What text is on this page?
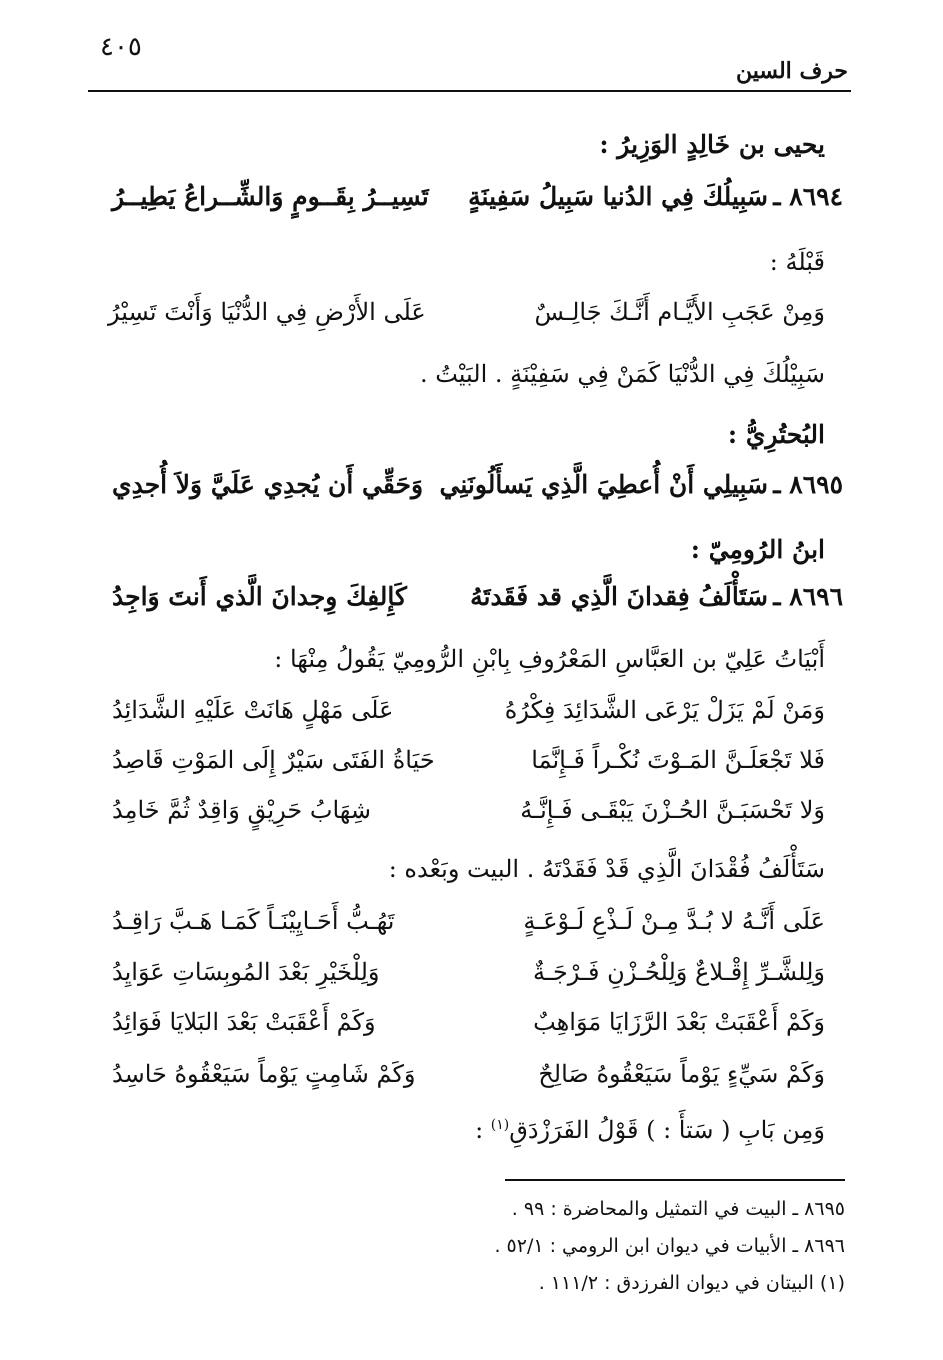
٤٠٥
حرف السين
يحيى بن خَالِدٍ الوَزِيرُ :
٨٦٩٤ ـ
سَبِيلُكَ فِي الدُنيا سَبِيلُ سَفِينَةٍ
تَسِيــرُ بِقَــومٍ وَالشِّــراعُ يَطِيــرُ
قَبْلَهُ :
وَمِنْ عَجَبِ الأَيَّـام أَنَّـكَ جَالِـسٌ
عَلَى الأَرْضِ فِي الدُّنْيَا وَأَنْتَ تَسِيْرُ
سَبِيْلُكَ فِي الدُّنْيَا كَمَنْ فِي سَفِيْنَةٍ . البَيْتُ .
البُحتُرِيُّ :
٨٦٩٥ ـ
سَبِيلِي أَنْ أُعطِيَ الَّذِي يَسأَلُونَنِي
وَحَقِّي أَن يُجدِي عَلَيَّ وَلاَ أُجدِي
ابنُ الرُومِيّ :
٨٦٩٦ ـ
سَتَأْلَفُ فِقدانَ الَّذِي قد فَقَدتَهُ
كَإِلفِكَ وِجدانَ الَّذي أَنتَ وَاجِدُ
أَبْيَاتُ عَلِيّ بن العَبَّاسِ المَعْرُوفِ بِابْنِ الرُّومِيّ يَقُولُ مِنْهَا :
وَمَنْ لَمْ يَزَلْ يَرْعَى الشَّدَائِدَ فِكْرُهُ
عَلَى مَهْلٍ هَانَتْ عَلَيْهِ الشَّدَائِدُ
فَلا تَجْعَلَـنَّ المَـوْتَ نُكْـراً فَـإِنَّمَا
حَيَاةُ الفَتَى سَيْرٌ إِلَى المَوْتِ قَاصِدُ
وَلا تَحْسَبَـنَّ الحُـزْنَ يَبْقَـى فَـإِنَّـهُ
شِهَابُ حَرِيْقٍ وَاقِدٌ ثُمَّ خَامِدُ
سَتَأْلَفُ فُقْدَانَ الَّذِي قَدْ فَقَدْتَهُ . البيت وبَعْده :
عَلَى أَنَّـهُ لا بُـدَّ مِـنْ لَـذْعِ لَـوْعَـةٍ
تَهُـبُّ أَحَـايِيْنَـاً كَمَـا هَـبَّ رَاقِـدُ
وَلِلشَّـرِّ إِقْـلاعٌ وَلِلْحُـزْنِ فَـرْجَـةٌ
وَلِلْخَيْرِ بَعْدَ المُوبِسَاتِ عَوَايِدُ
وَكَمْ أَعْقَبَتْ بَعْدَ الرَّزَايَا مَوَاهِبٌ
وَكَمْ أَعْقَبَتْ بَعْدَ البَلايَا فَوَائِدُ
وَكَمْ سَيِّءٍ يَوْماً سَيَعْقُوهُ صَالِحٌ
وَكَمْ شَامِتٍ يَوْماً سَيَعْقُوهُ حَاسِدُ
وَمِن بَابِ ( سَتأَ : ) قَوْلُ الفَرَزْدَقِ$^{(١)}$ :
٨٦٩٥ ـ البيت في التمثيل والمحاضرة : ٩٩ .
٨٦٩٦ ـ الأبيات في ديوان ابن الرومي : ٥٢/١ .
(١) البيتان في ديوان الفرزدق : ١١١/٢ .
